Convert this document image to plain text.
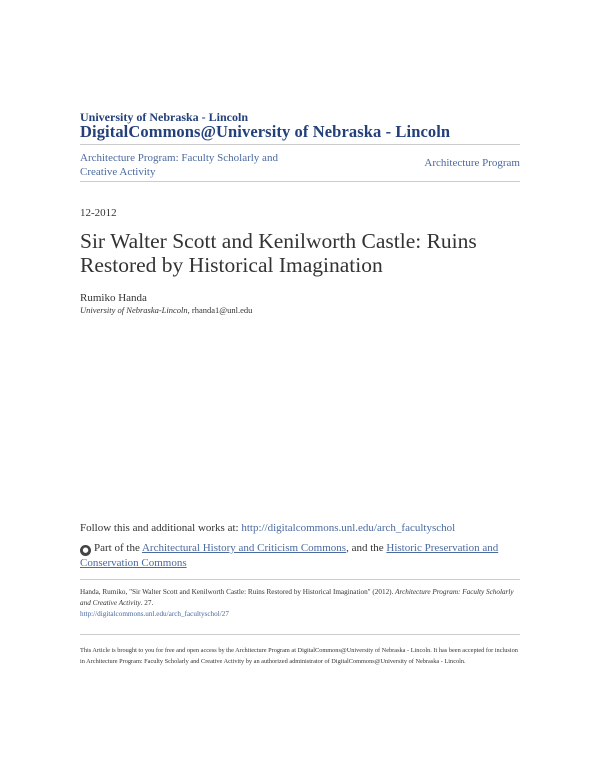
University of Nebraska - Lincoln
DigitalCommons@University of Nebraska - Lincoln
Architecture Program: Faculty Scholarly and Creative Activity
Architecture Program
12-2012
Sir Walter Scott and Kenilworth Castle: Ruins Restored by Historical Imagination
Rumiko Handa
University of Nebraska-Lincoln, rhanda1@unl.edu
Follow this and additional works at: http://digitalcommons.unl.edu/arch_facultyschol
● Part of the Architectural History and Criticism Commons, and the Historic Preservation and Conservation Commons
Handa, Rumiko, "Sir Walter Scott and Kenilworth Castle: Ruins Restored by Historical Imagination" (2012). Architecture Program: Faculty Scholarly and Creative Activity. 27.
http://digitalcommons.unl.edu/arch_facultyschol/27
This Article is brought to you for free and open access by the Architecture Program at DigitalCommons@University of Nebraska - Lincoln. It has been accepted for inclusion in Architecture Program: Faculty Scholarly and Creative Activity by an authorized administrator of DigitalCommons@University of Nebraska - Lincoln.
